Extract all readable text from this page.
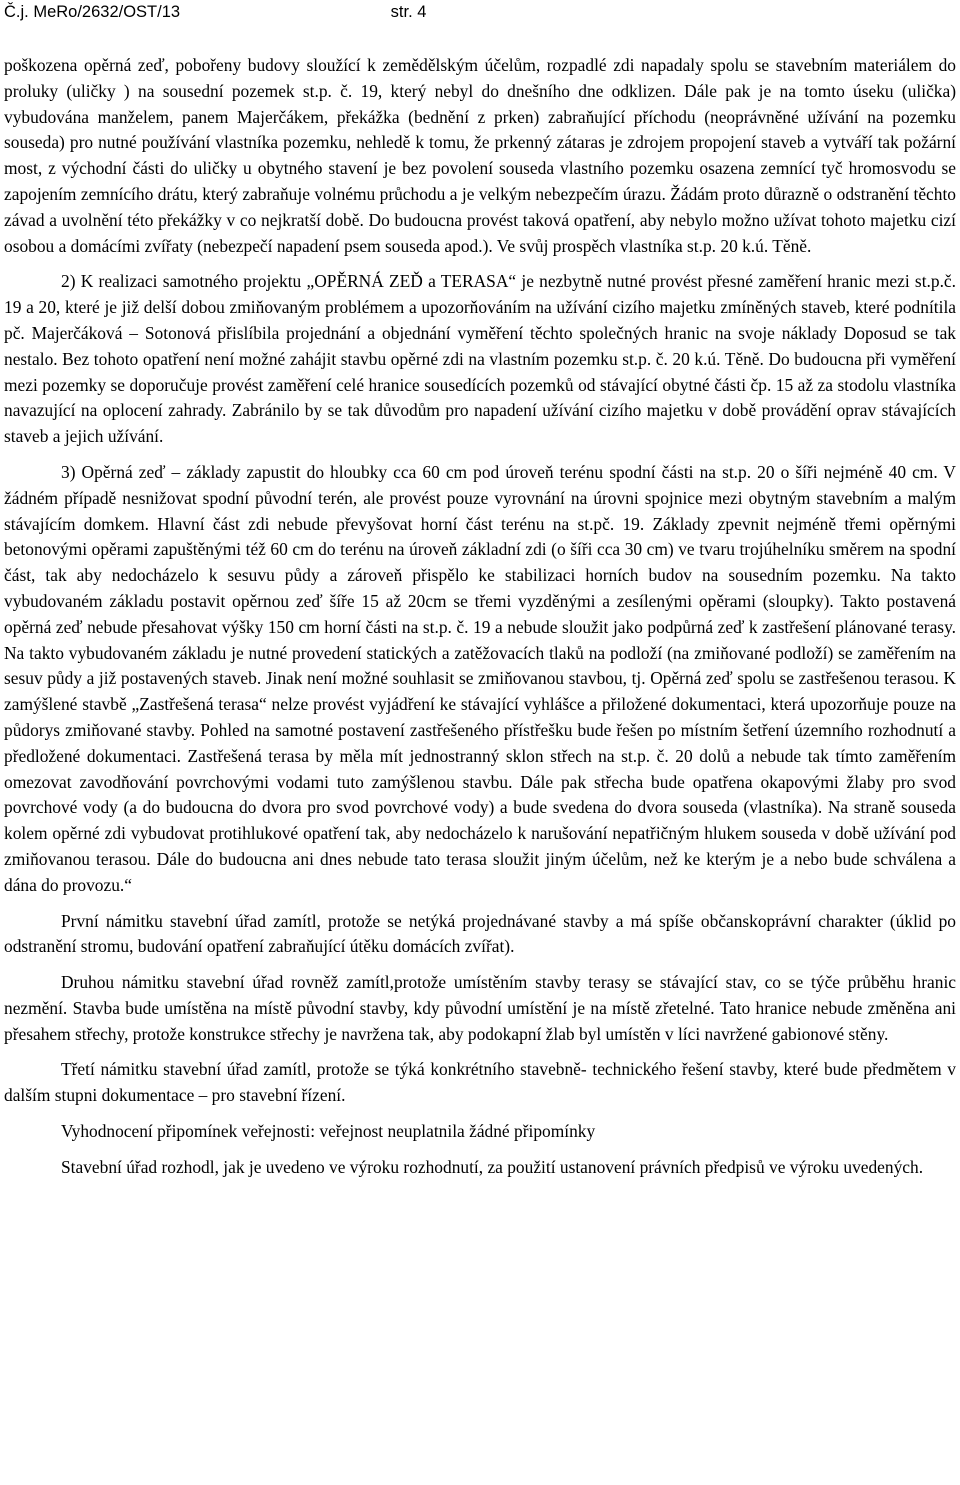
Č.j. MeRo/2632/OST/13	str. 4

poškozena opěrná zeď, pobořeny budovy sloužící k zemědělským účelům, rozpadlé zdi napadaly spolu se stavebním materiálem do proluky (uličky ) na sousední pozemek st.p. č. 19, který nebyl do dnešního dne odklizen. Dále pak je na tomto úseku (ulička) vybudována manželem, panem Majerčákem, překážka (bednění z prken) zabraňující příchodu (neoprávněné užívání na pozemku souseda) pro nutné používání vlastníka pozemku, nehledě k tomu, že prkenný zátaras je zdrojem propojení staveb a vytváří tak požární most, z východní části do uličky u obytného stavení je bez povolení souseda vlastního pozemku osazena zemnící tyč hromosvodu se zapojením zemnícího drátu, který zabraňuje volnému průchodu a je velkým nebezpečím úrazu. Žádám proto důrazně o odstranění těchto závad a uvolnění této překážky v co nejkratší době. Do budoucna provést taková opatření, aby nebylo možno užívat tohoto majetku cizí osobou a domácími zvířaty (nebezpečí napadení psem souseda apod.). Ve svůj prospěch vlastníka st.p. 20 k.ú. Těně.

2) K realizaci samotného projektu „OPĚRNÁ ZEĎ a TERASA“ je nezbytně nutné provést přesné zaměření hranic mezi st.p.č. 19 a 20, které je již delší dobou zmiňovaným problémem a upozorňováním na užívání cizího majetku zmíněných staveb, které podnítila pč. Majerčáková – Sotonová přislíbila projednání a objednání vyměření těchto společných hranic na svoje náklady Doposud se tak nestalo. Bez tohoto opatření není možné zahájit stavbu opěrné zdi na vlastním pozemku st.p. č. 20 k.ú. Těně. Do budoucna při vyměření mezi pozemky se doporučuje provést zaměření celé hranice sousedících pozemků od stávající obytné části čp. 15 až za stodolu vlastníka navazující na oplocení zahrady. Zabránilo by se tak důvodům pro napadení užívání cizího majetku v době provádění oprav stávajících staveb a jejich užívání.

3) Opěrná zeď – základy zapustit do hloubky cca 60 cm pod úroveň terénu spodní části na st.p. 20 o šíři nejméně 40 cm. V žádném případě nesnižovat spodní původní terén, ale provést pouze vyrovnání na úrovni spojnice mezi obytným stavebním a malým stávajícím domkem. Hlavní část zdi nebude převyšovat horní část terénu na st.pč. 19. Základy zpevnit nejméně třemi opěrnými betonovými opěrami zapuštěnými též 60 cm do terénu na úroveň základní zdi (o šíři cca 30 cm) ve tvaru trojúhelníku směrem na spodní část, tak aby nedocházelo k sesuvu půdy a zároveň přispělo ke stabilizaci horních budov na sousedním pozemku. Na takto vybudovaném základu postavit opěrnou zeď šíře 15 až 20cm se třemi vyzděnými a zesílenými opěrami (sloupky). Takto postavená opěrná zeď nebude přesahovat výšky 150 cm horní části na st.p. č. 19 a nebude sloužit jako podpůrná zeď k zastřešení plánované terasy. Na takto vybudovaném základu je nutné provedení statických a zatěžovacích tlaků na podloží (na zmiňované podloží) se zaměřením na sesuv půdy a již postavených staveb. Jinak není možné souhlasit se zmiňovanou stavbou, tj. Opěrná zeď spolu se zastřešenou terasou. K zamýšlené stavbě „Zastřešená terasa“ nelze provést vyjádření ke stávající vyhlášce a přiložené dokumentaci, která upozorňuje pouze na půdorys zmiňované stavby. Pohled na samotné postavení zastřešeného přístřešku bude řešen po místním šetření územního rozhodnutí a předložené dokumentaci. Zastřešená terasa by měla mít jednostranný sklon střech na st.p. č. 20 dolů a nebude tak tímto zaměřením omezovat zavodňování povrchovými vodami tuto zamýšlenou stavbu. Dále pak střecha bude opatřena okapovými žlaby pro svod povrchové vody (a do budoucna do dvora pro svod povrchové vody) a bude svedena do dvora souseda (vlastníka). Na straně souseda kolem opěrné zdi vybudovat protihlukové opatření tak, aby nedocházelo k narušování nepatřičným hlukem souseda v době užívání pod zmiňovanou terasou. Dále do budoucna ani dnes nebude tato terasa sloužit jiným účelům, než ke kterým je a nebo bude schválena a dána do provozu.“

První námitku stavební úřad zamítl, protože se netýká projednávané stavby a má spíše občanskoprávní charakter (úklid po odstranění stromu, budování opatření zabraňující útěku domácích zvířat).

Druhou námitku stavební úřad rovněž zamítl,protože umístěním stavby terasy se stávající stav, co se týče průběhu hranic nezmění. Stavba bude umístěna na místě původní stavby, kdy původní umístění je na místě zřetelné. Tato hranice nebude změněna ani přesahem střechy, protože konstrukce střechy je navržena tak, aby podokapní žlab byl umístěn v líci navržené gabionové stěny.

Třetí námitku stavební úřad zamítl, protože se týká konkrétního stavebně- technického řešení stavby, které bude předmětem v dalším stupni dokumentace – pro stavební řízení.

Vyhodnocení připomínek veřejnosti: veřejnost neuplatnila žádné připomínky

Stavební úřad rozhodl, jak je uvedeno ve výroku rozhodnutí, za použití ustanovení právních předpisů ve výroku uvedených.
